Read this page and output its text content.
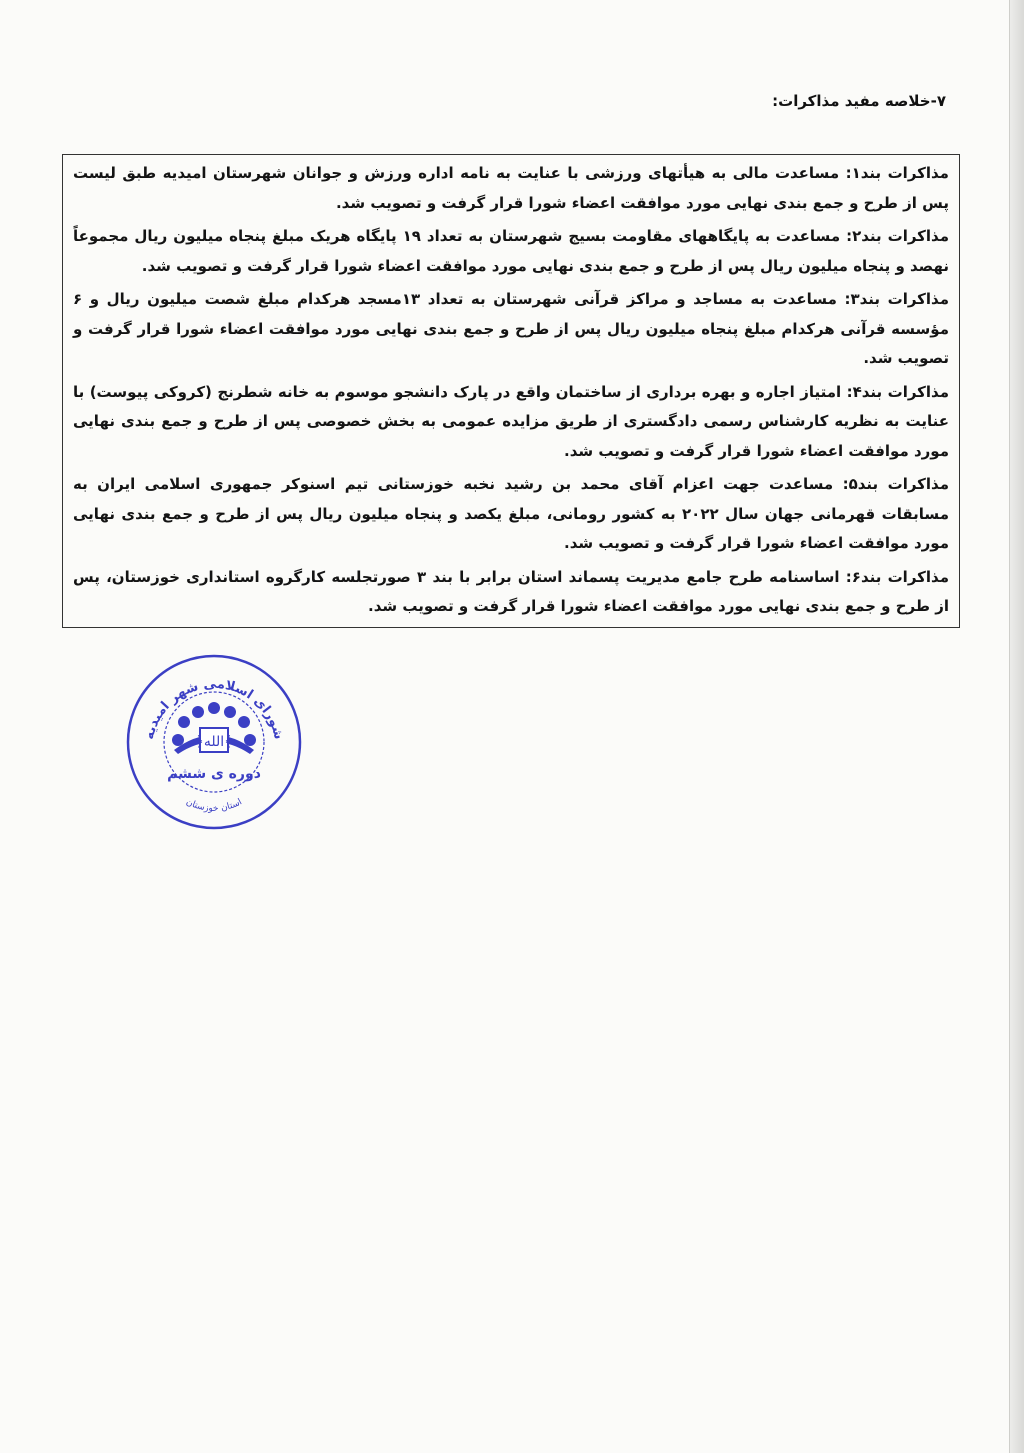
۷-خلاصه مفید مذاکرات:

مذاکرات بند۱: مساعدت مالی به هیأتهای ورزشی با عنایت به نامه اداره ورزش و جوانان شهرستان امیدیه طبق لیست پس از طرح و جمع بندی نهایی مورد موافقت اعضاء شورا قرار گرفت و تصویب شد.

مذاکرات بند۲: مساعدت به پایگاههای مقاومت بسیج شهرستان به تعداد ۱۹ پایگاه هریک مبلغ پنجاه میلیون ریال مجموعاً نهصد و پنجاه میلیون ریال پس از طرح و جمع بندی نهایی مورد موافقت اعضاء شورا قرار گرفت و تصویب شد.

مذاکرات بند۳: مساعدت به مساجد و مراکز قرآنی شهرستان به تعداد ۱۳مسجد هرکدام مبلغ شصت میلیون ریال و ۶ مؤسسه قرآنی هرکدام مبلغ پنجاه میلیون ریال پس از طرح و جمع بندی نهایی مورد موافقت اعضاء شورا قرار گرفت و تصویب شد.

مذاکرات بند۴: امتیاز اجاره و بهره برداری از ساختمان واقع در پارک دانشجو موسوم به خانه شطرنج (کروکی پیوست) با عنایت به نظریه کارشناس رسمی دادگستری از طریق مزایده عمومی به بخش خصوصی پس از طرح و جمع بندی نهایی مورد موافقت اعضاء شورا قرار گرفت و تصویب شد.

مذاکرات بند۵: مساعدت جهت اعزام آقای محمد بن رشید نخبه خوزستانی تیم اسنوکر جمهوری اسلامی ایران به مسابقات قهرمانی جهان سال ۲۰۲۲ به کشور رومانی، مبلغ یکصد و پنجاه میلیون ریال پس از طرح و جمع بندی نهایی مورد موافقت اعضاء شورا قرار گرفت و تصویب شد.

مذاکرات بند۶: اساسنامه طرح جامع مدیریت پسماند استان برابر با بند ۳ صورتجلسه کارگروه استانداری خوزستان، پس از طرح و جمع بندی نهایی مورد موافقت اعضاء شورا قرار گرفت و تصویب شد.

﴿الله﴾
شورای اسلامی شهر امیدیه
دوره ی ششم
استان خوزستان
